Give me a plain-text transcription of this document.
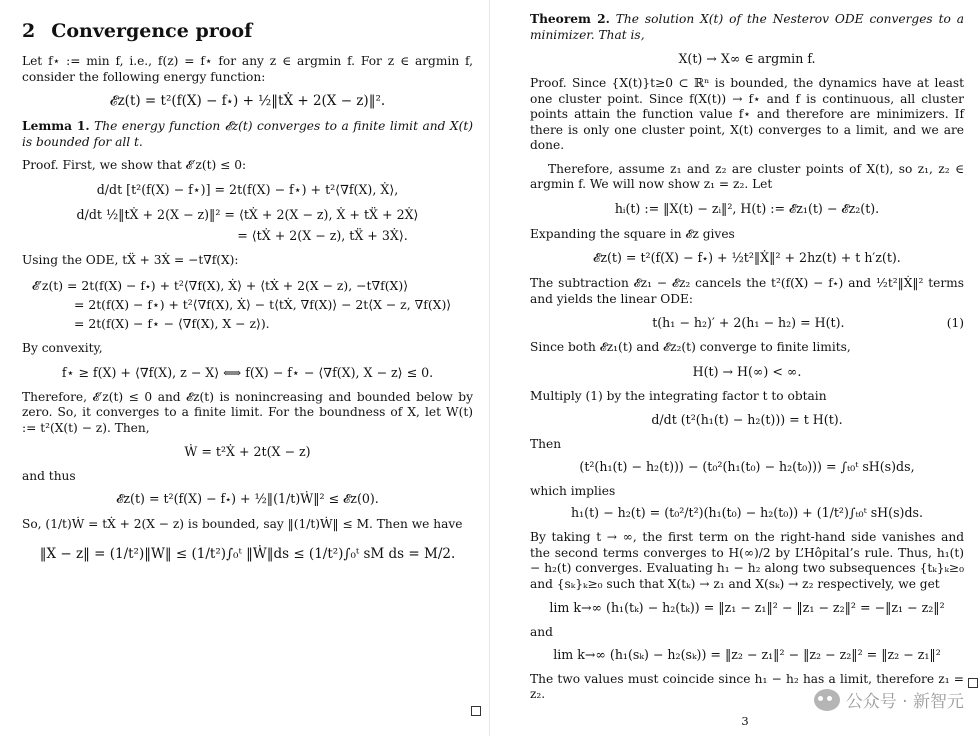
2 Convergence proof

Let f⋆ := min f, i.e., f(z) = f⋆ for any z ∈ argmin f. For z ∈ argmin f, consider the following energy function:

𝓔z(t) = t²(f(X) − f⋆) + ½‖tẊ + 2(X − z)‖².

Lemma 1. The energy function 𝓔z(t) converges to a finite limit and X(t) is bounded for all t.

Proof. First, we show that 𝓔′z(t) ≤ 0:

d/dt [t²(f(X) − f⋆)] = 2t(f(X) − f⋆) + t²⟨∇f(X), Ẋ⟩,
d/dt ½‖tẊ + 2(X − z)‖² = ⟨tẊ + 2(X − z), Ẋ + tẌ + 2Ẋ⟩
= ⟨tẊ + 2(X − z), tẌ + 3Ẋ⟩.

Using the ODE, tẌ + 3Ẋ = −t∇f(X):

𝓔′z(t) = 2t(f(X) − f⋆) + t²⟨∇f(X), Ẋ⟩ + ⟨tẊ + 2(X − z), −t∇f(X)⟩
= 2t(f(X) − f⋆) + t²⟨∇f(X), Ẋ⟩ − t⟨tẊ, ∇f(X)⟩ − 2t⟨X − z, ∇f(X)⟩
= 2t(f(X) − f⋆ − ⟨∇f(X), X − z⟩).

By convexity,

f⋆ ≥ f(X) + ⟨∇f(X), z − X⟩ ⟺ f(X) − f⋆ − ⟨∇f(X), X − z⟩ ≤ 0.

Therefore, 𝓔′z(t) ≤ 0 and 𝓔z(t) is nonincreasing and bounded below by zero. So, it converges to a finite limit. For the boundness of X, let W(t) := t²(X(t) − z). Then,

Ẇ = t²Ẋ + 2t(X − z)

and thus

𝓔z(t) = t²(f(X) − f⋆) + ½‖(1/t)Ẇ‖² ≤ 𝓔z(0).

So, (1/t)Ẇ = tẊ + 2(X − z) is bounded, say ‖(1/t)Ẇ‖ ≤ M. Then we have

‖X − z‖ = (1/t²)‖W‖ ≤ (1/t²)∫₀ᵗ ‖Ẇ‖ds ≤ (1/t²)∫₀ᵗ sM ds = M/2.

Theorem 2. The solution X(t) of the Nesterov ODE converges to a minimizer. That is,

X(t) → X∞ ∈ argmin f.

Proof. Since {X(t)}t≥0 ⊂ ℝⁿ is bounded, the dynamics have at least one cluster point. Since f(X(t)) → f⋆ and f is continuous, all cluster points attain the function value f⋆ and therefore are minimizers. If there is only one cluster point, X(t) converges to a limit, and we are done.

Therefore, assume z₁ and z₂ are cluster points of X(t), so z₁, z₂ ∈ argmin f. We will now show z₁ = z₂. Let

hᵢ(t) := ‖X(t) − zᵢ‖², H(t) := 𝓔z₁(t) − 𝓔z₂(t).

Expanding the square in 𝓔z gives

𝓔z(t) = t²(f(X) − f⋆) + ½t²‖Ẋ‖² + 2hz(t) + t h′z(t).

The subtraction 𝓔z₁ − 𝓔z₂ cancels the t²(f(X) − f⋆) and ½t²‖Ẋ‖² terms and yields the linear ODE:

t(h₁ − h₂)′ + 2(h₁ − h₂) = H(t).	(1)

Since both 𝓔z₁(t) and 𝓔z₂(t) converge to finite limits,

H(t) → H(∞) < ∞.

Multiply (1) by the integrating factor t to obtain

d/dt (t²(h₁(t) − h₂(t))) = t H(t).

Then

(t²(h₁(t) − h₂(t))) − (t₀²(h₁(t₀) − h₂(t₀))) = ∫ₜ₀ᵗ sH(s)ds,

which implies

h₁(t) − h₂(t) = (t₀²/t²)(h₁(t₀) − h₂(t₀)) + (1/t²)∫ₜ₀ᵗ sH(s)ds.

By taking t → ∞, the first term on the right-hand side vanishes and the second terms converges to H(∞)/2 by L’Hôpital’s rule. Thus, h₁(t) − h₂(t) converges. Evaluating h₁ − h₂ along two subsequences {tₖ}ₖ≥₀ and {sₖ}ₖ≥₀ such that X(tₖ) → z₁ and X(sₖ) → z₂ respectively, we get

lim k→∞ (h₁(tₖ) − h₂(tₖ)) = ‖z₁ − z₁‖² − ‖z₁ − z₂‖² = −‖z₁ − z₂‖²

and

lim k→∞ (h₁(sₖ) − h₂(sₖ)) = ‖z₂ − z₁‖² − ‖z₂ − z₂‖² = ‖z₂ − z₁‖²

The two values must coincide since h₁ − h₂ has a limit, therefore z₁ = z₂.

3
公众号 · 新智元
